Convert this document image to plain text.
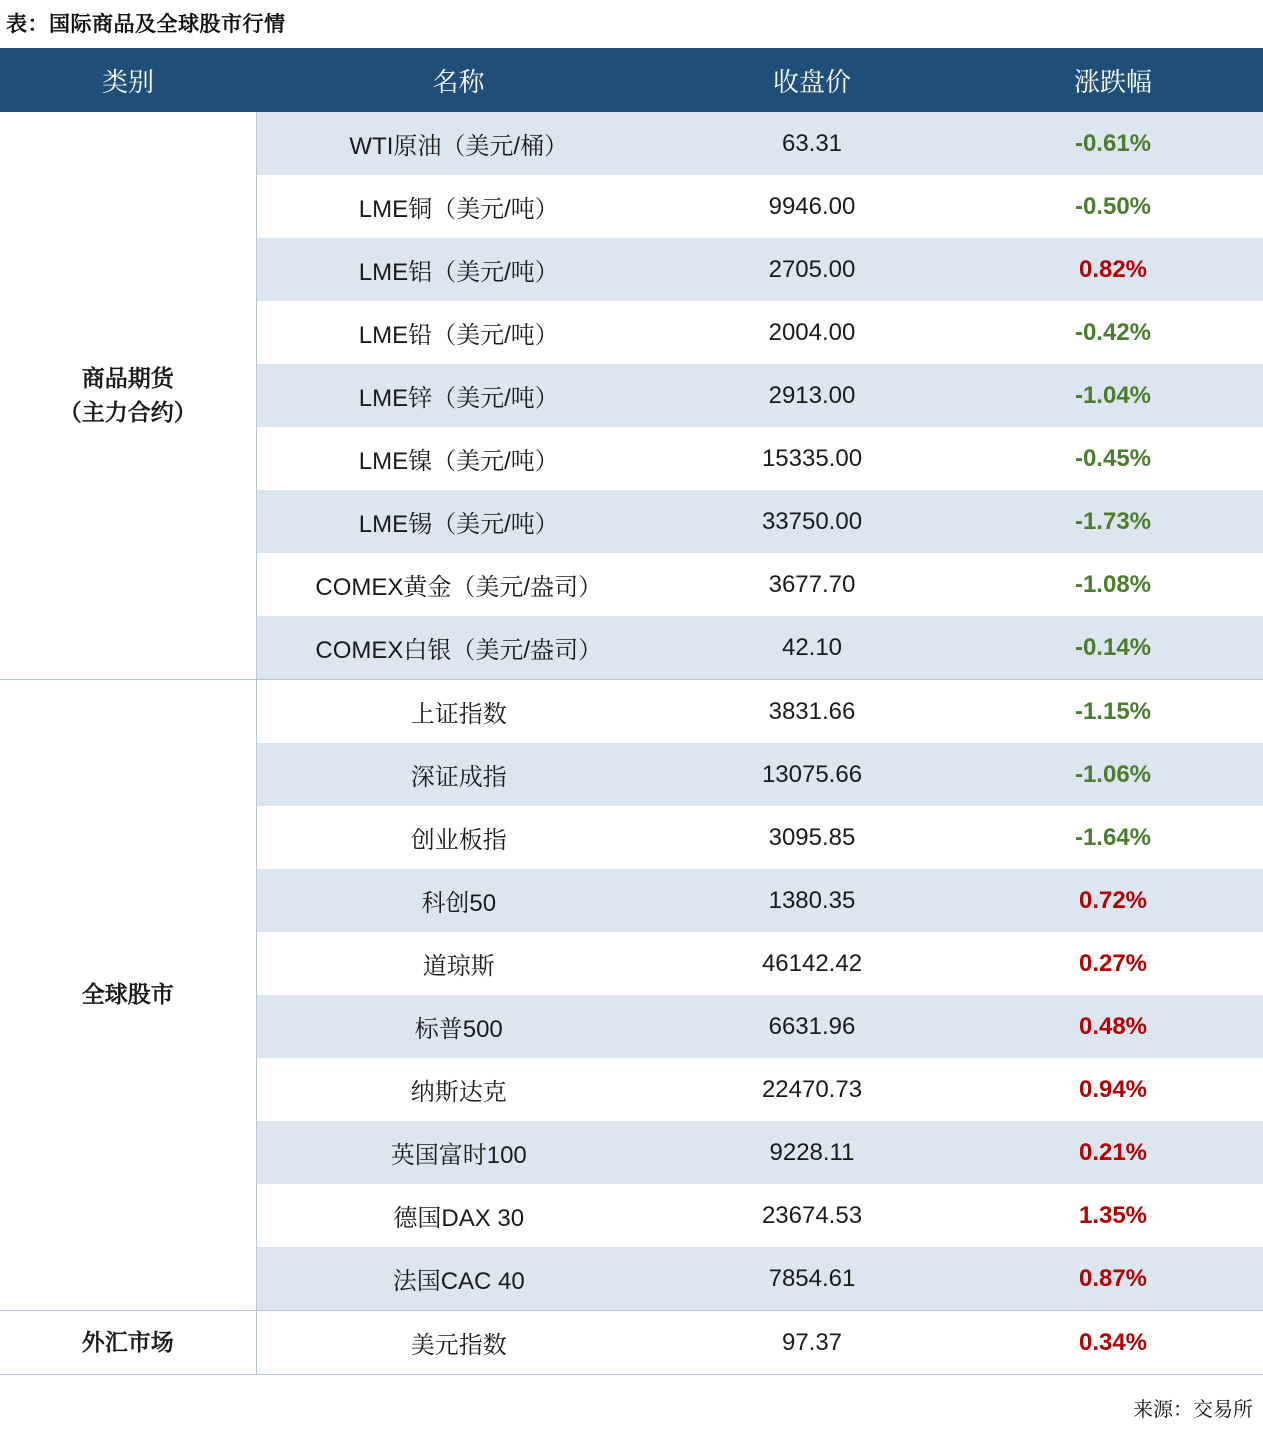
表：国际商品及全球股市行情
类别	名称	收盘价	涨跌幅

商品期货
（主力合约）	WTI原油（美元/桶）	63.31	-0.61%
	LME铜（美元/吨）	9946.00	-0.50%
	LME铝（美元/吨）	2705.00	0.82%
	LME铅（美元/吨）	2004.00	-0.42%
	LME锌（美元/吨）	2913.00	-1.04%
	LME镍（美元/吨）	15335.00	-0.45%
	LME锡（美元/吨）	33750.00	-1.73%
	COMEX黄金（美元/盎司）	3677.70	-1.08%
	COMEX白银（美元/盎司）	42.10	-0.14%

全球股市	上证指数	3831.66	-1.15%
	深证成指	13075.66	-1.06%
	创业板指	3095.85	-1.64%
	科创50	1380.35	0.72%
	道琼斯	46142.42	0.27%
	标普500	6631.96	0.48%
	纳斯达克	22470.73	0.94%
	英国富时100	9228.11	0.21%
	德国DAX 30	23674.53	1.35%
	法国CAC 40	7854.61	0.87%

外汇市场	美元指数	97.37	0.34%
来源：交易所
